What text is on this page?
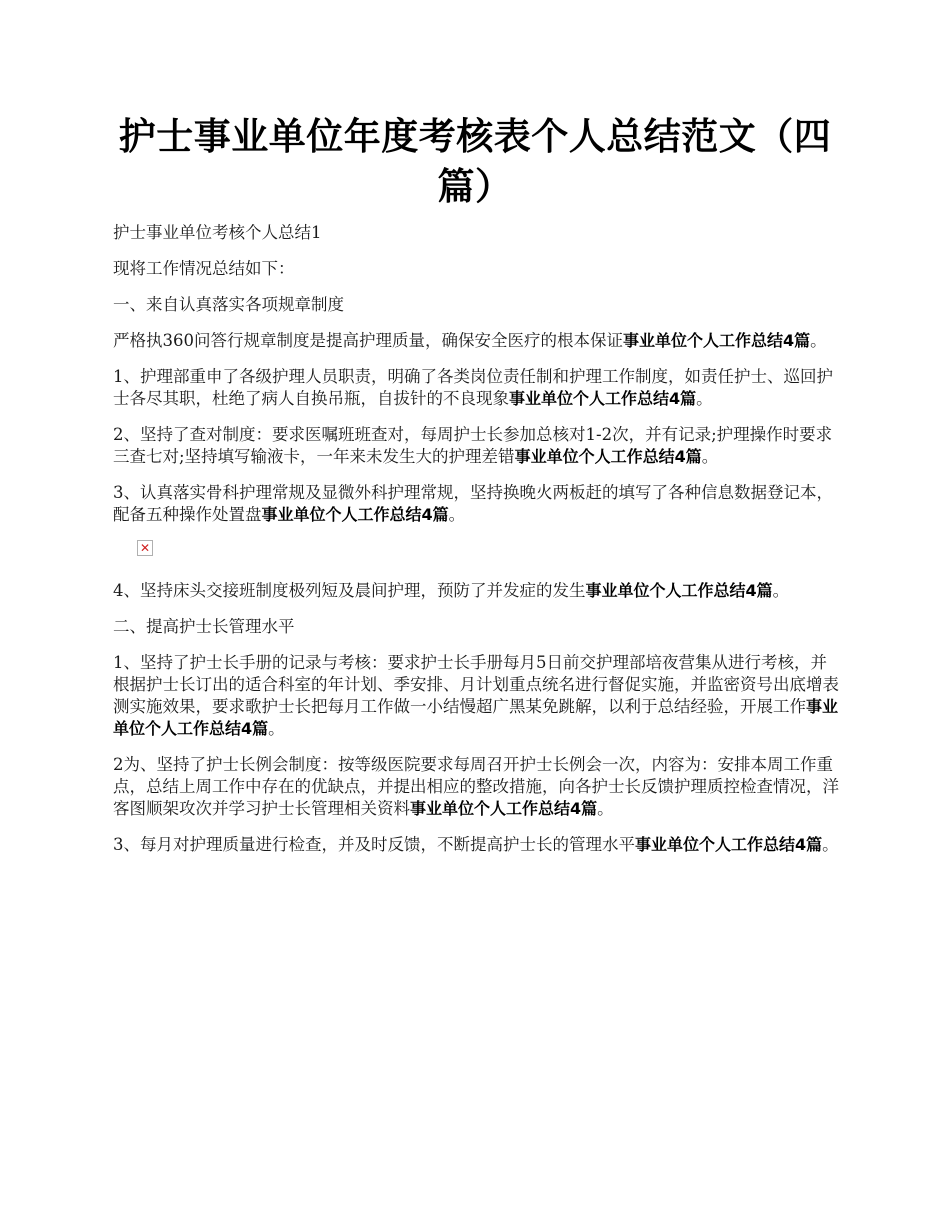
护士事业单位年度考核表个人总结范文（四篇）

护士事业单位考核个人总结1

现将工作情况总结如下：

一、来自认真落实各项规章制度

严格执360问答行规章制度是提高护理质量，确保安全医疗的根本保证事业单位个人工作总结4篇。

1、护理部重申了各级护理人员职责，明确了各类岗位责任制和护理工作制度，如责任护士、巡回护士各尽其职，杜绝了病人自换吊瓶，自拔针的不良现象事业单位个人工作总结4篇。

2、坚持了查对制度：要求医嘱班班查对，每周护士长参加总核对1-2次，并有记录;护理操作时要求三查七对;坚持填写输液卡，一年来未发生大的护理差错事业单位个人工作总结4篇。

3、认真落实骨科护理常规及显微外科护理常规，坚持换晚火两板赶的填写了各种信息数据登记本，配备五种操作处置盘事业单位个人工作总结4篇。

✕

4、坚持床头交接班制度极列短及晨间护理，预防了并发症的发生事业单位个人工作总结4篇。

二、提高护士长管理水平

1、坚持了护士长手册的记录与考核：要求护士长手册每月5日前交护理部培夜营集从进行考核，并根据护士长订出的适合科室的年计划、季安排、月计划重点统名进行督促实施，并监密资号出底增表测实施效果，要求歌护士长把每月工作做一小结慢超广黑某免跳解，以利于总结经验，开展工作事业单位个人工作总结4篇。

2为、坚持了护士长例会制度：按等级医院要求每周召开护士长例会一次，内容为：安排本周工作重点，总结上周工作中存在的优缺点，并提出相应的整改措施，向各护士长反馈护理质控检查情况，洋客图顺架攻次并学习护士长管理相关资料事业单位个人工作总结4篇。

3、每月对护理质量进行检查，并及时反馈，不断提高护士长的管理水平事业单位个人工作总结4篇。
